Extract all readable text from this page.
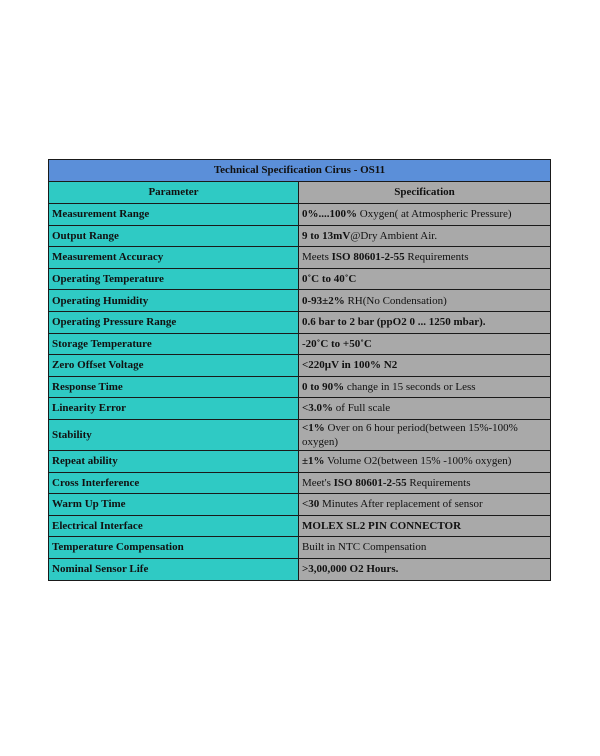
Technical Specification Cirus - OS11	
Parameter	Specification
Measurement Range	0%....100% Oxygen( at Atmospheric Pressure)
Output Range	9 to 13mV@Dry Ambient Air.
Measurement Accuracy	Meets ISO 80601-2-55 Requirements
Operating Temperature	0˚C to 40˚C
Operating Humidity	0-93±2% RH(No Condensation)
Operating Pressure Range	0.6 bar to 2 bar (ppO2 0 ... 1250 mbar).
Storage Temperature	-20˚C to +50˚C
Zero Offset Voltage	<220µV in 100% N2
Response Time	0 to 90% change in 15 seconds or Less
Linearity Error	<3.0% of Full scale
Stability	<1% Over on 6 hour period(between 15%-100% oxygen)
Repeat ability	±1% Volume O2(between 15% -100% oxygen)
Cross Interference	Meet's ISO 80601-2-55 Requirements
Warm Up Time	<30 Minutes After replacement of sensor
Electrical Interface	MOLEX SL2 PIN CONNECTOR
Temperature Compensation	Built in NTC Compensation
Nominal Sensor Life	>3,00,000 O2 Hours.
